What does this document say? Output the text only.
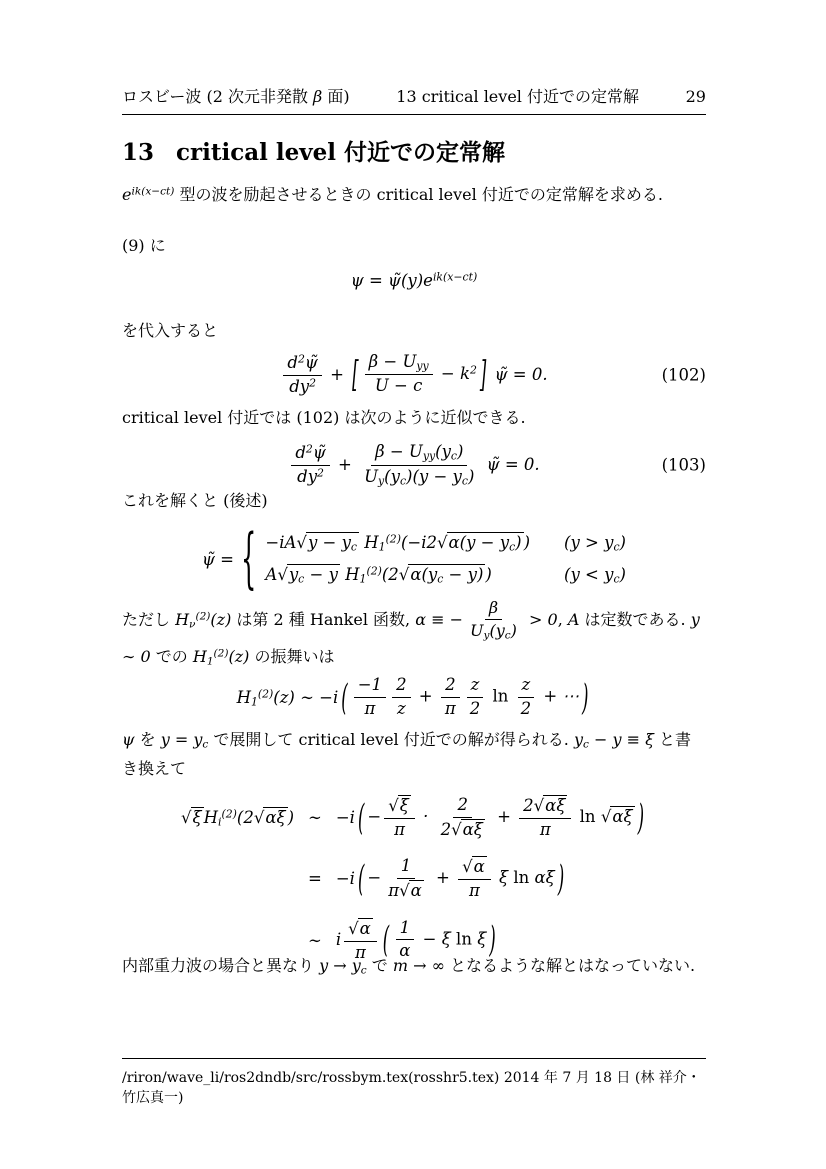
ロスビー波 (2 次元非発散 β 面)	13 critical level 付近での定常解	29
13 critical level 付近での定常解
$e^{ik(x-ct)}$ 型の波を励起させるときの critical level 付近での定常解を求める.
(9) に
$\psi = \psĩ(y)e^{ik(x-ct)}$
を代入すると
$\frac{d^2\psĩ}{dy^2}$ + [ $\beta - U_{yy}$
U − c
− $k^2$ ] ψ̃ = 0.	(102)
critical level 付近では (102) は次のように近似できる.
$\frac{d^2\psĩ}{dy^2}$ +
$\beta - U_{yy}(y_c)$
$U_y(y_c)(y - y_c)$
ψ̃ = 0.	(103)
これを解くと (後述)
ψ̃ = { −iA √ $y - y_c$ $H_1^{(2)}(-i2$ √ $\alpha(y - y_c)$ ) $(y > y_c)$
A √ $y_c - y$ $H_1^{(2)}(2$ √ $\alpha(y_c - y)$ )	$(y < y_c)$
ただし $H_\nu^{(2)}(z)$ は第 2 種 Hankel 函数, α ≡ − $\frac{\beta}{U_y(y_c)} > 0$, A は定数である. y ∼ 0 での $H_1^{(2)}(z)$ の振舞いは
$H_1^{(2)}(z)$ ∼ −i ( $\frac{-1}{\pi} \frac{2}{z} + \frac{2}{\pi} \frac{z}{2}$ $\ln \frac{z}{2}$ + ⋯ )
ψ を $y = y_c$ で展開して critical level 付近での解が得られる. $y_c - y \equiv \xi$ と書き換えて
√ ξ $H_i^{(2)}(2$ √ αξ ) ∼ −i ( − $\frac{√ \xi}{\pi} \cdot \frac{2}{2 √ \alpha\xi} + \frac{2 √ \alpha\xi}{\pi}$ ln √ αξ )
= −i ( − $\frac{1}{\pi √ \alpha} + \frac{√ \alpha}{\pi}$ ξ ln αξ )
∼ i $\frac{√ \alpha}{\pi}$ ( $\frac{1}{\alpha} - \xi$ ln ξ )
内部重力波の場合と異なり $y \to y_c$ で m → ∞ となるような解とはなっていない.
/riron/wave_li/ros2dndb/src/rossbym.tex(rosshr5.tex) 2014 年 7 月 18 日 (林 祥介・竹広真一)
